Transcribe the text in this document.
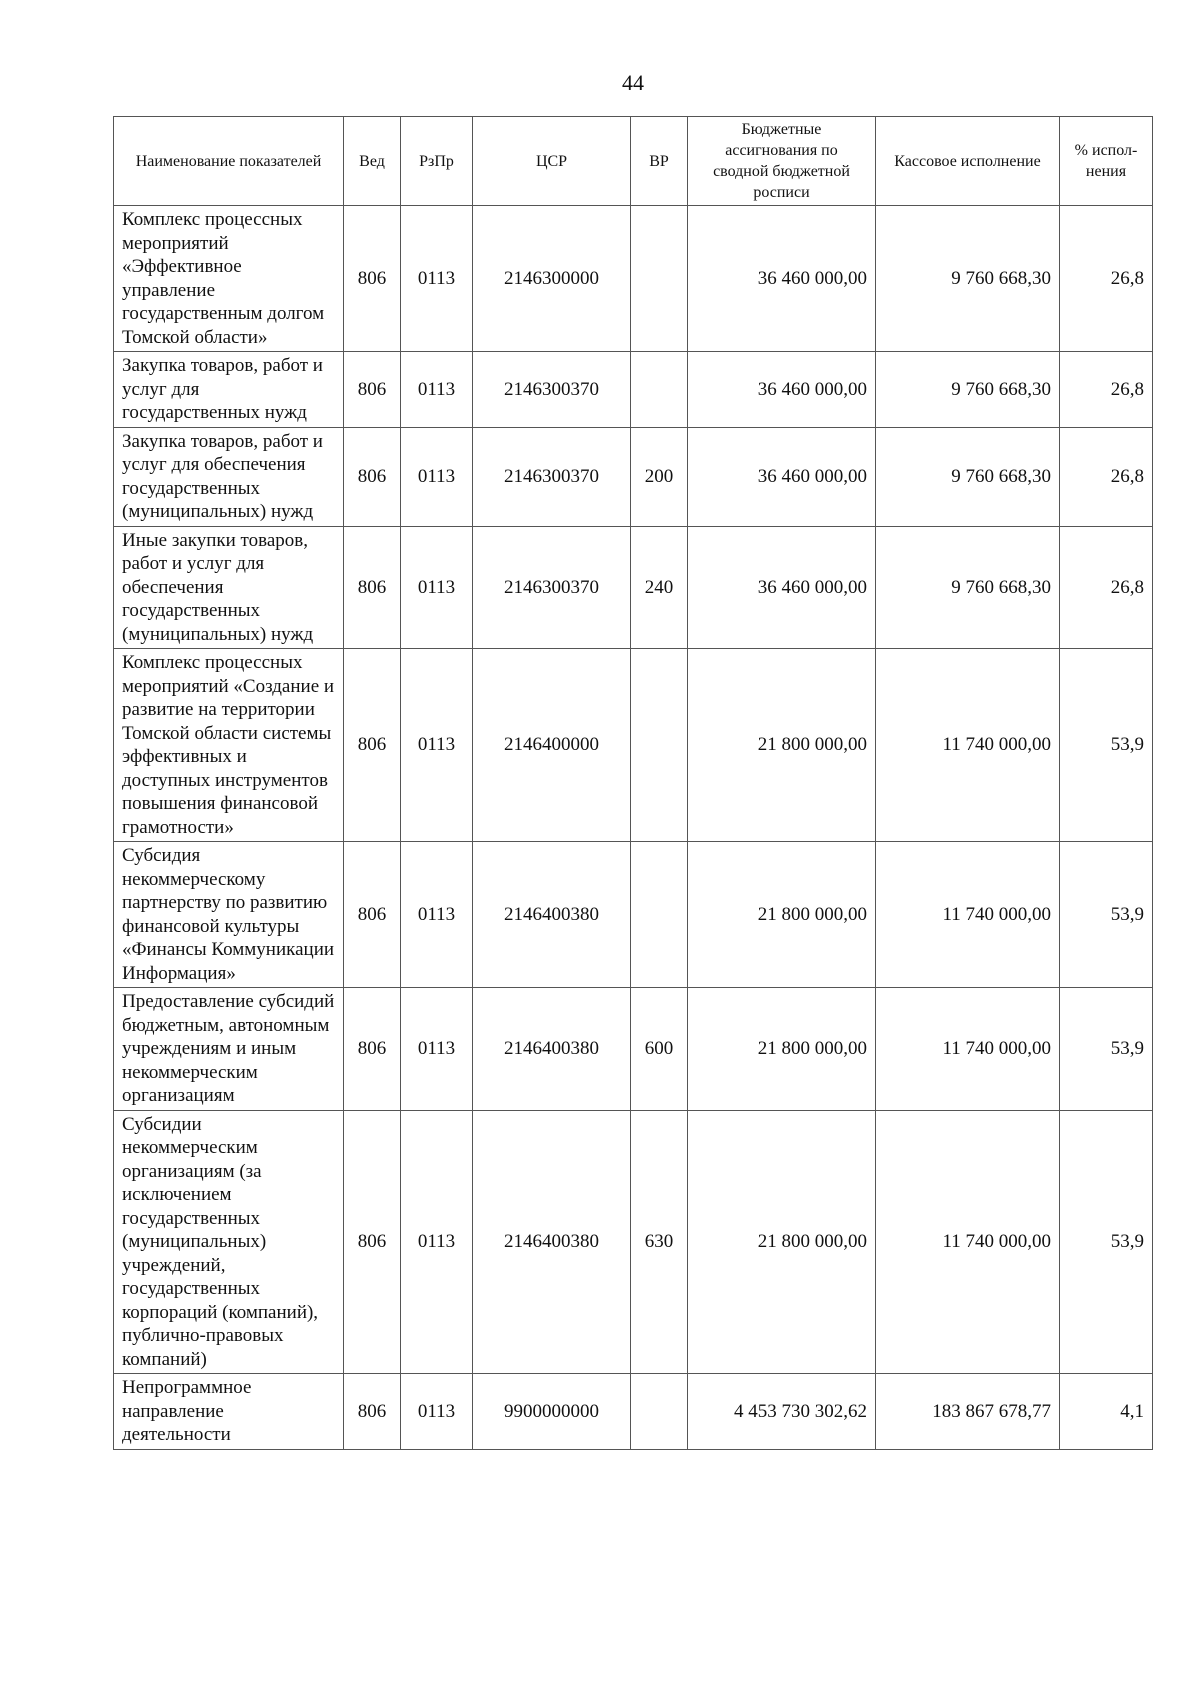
44
Наименование показателей	Вед	РзПр	ЦСР	ВР	Бюджетные ассигнования по сводной бюджетной росписи	Кассовое исполнение	% испол-нения
Комплекс процессных мероприятий «Эффективное управление государственным долгом Томской области»	806	0113	2146300000		36 460 000,00	9 760 668,30	26,8
Закупка товаров, работ и услуг для государственных нужд	806	0113	2146300370		36 460 000,00	9 760 668,30	26,8
Закупка товаров, работ и услуг для обеспечения государственных (муниципальных) нужд	806	0113	2146300370	200	36 460 000,00	9 760 668,30	26,8
Иные закупки товаров, работ и услуг для обеспечения государственных (муниципальных) нужд	806	0113	2146300370	240	36 460 000,00	9 760 668,30	26,8
Комплекс процессных мероприятий «Создание и развитие на территории Томской области системы эффективных и доступных инструментов повышения финансовой грамотности»	806	0113	2146400000		21 800 000,00	11 740 000,00	53,9
Субсидия некоммерческому партнерству по развитию финансовой культуры «Финансы Коммуникации Информация»	806	0113	2146400380		21 800 000,00	11 740 000,00	53,9
Предоставление субсидий бюджетным, автономным учреждениям и иным некоммерческим организациям	806	0113	2146400380	600	21 800 000,00	11 740 000,00	53,9
Субсидии некоммерческим организациям (за исключением государственных (муниципальных) учреждений, государственных корпораций (компаний), публично-правовых компаний)	806	0113	2146400380	630	21 800 000,00	11 740 000,00	53,9
Непрограммное направление деятельности	806	0113	9900000000		4 453 730 302,62	183 867 678,77	4,1
